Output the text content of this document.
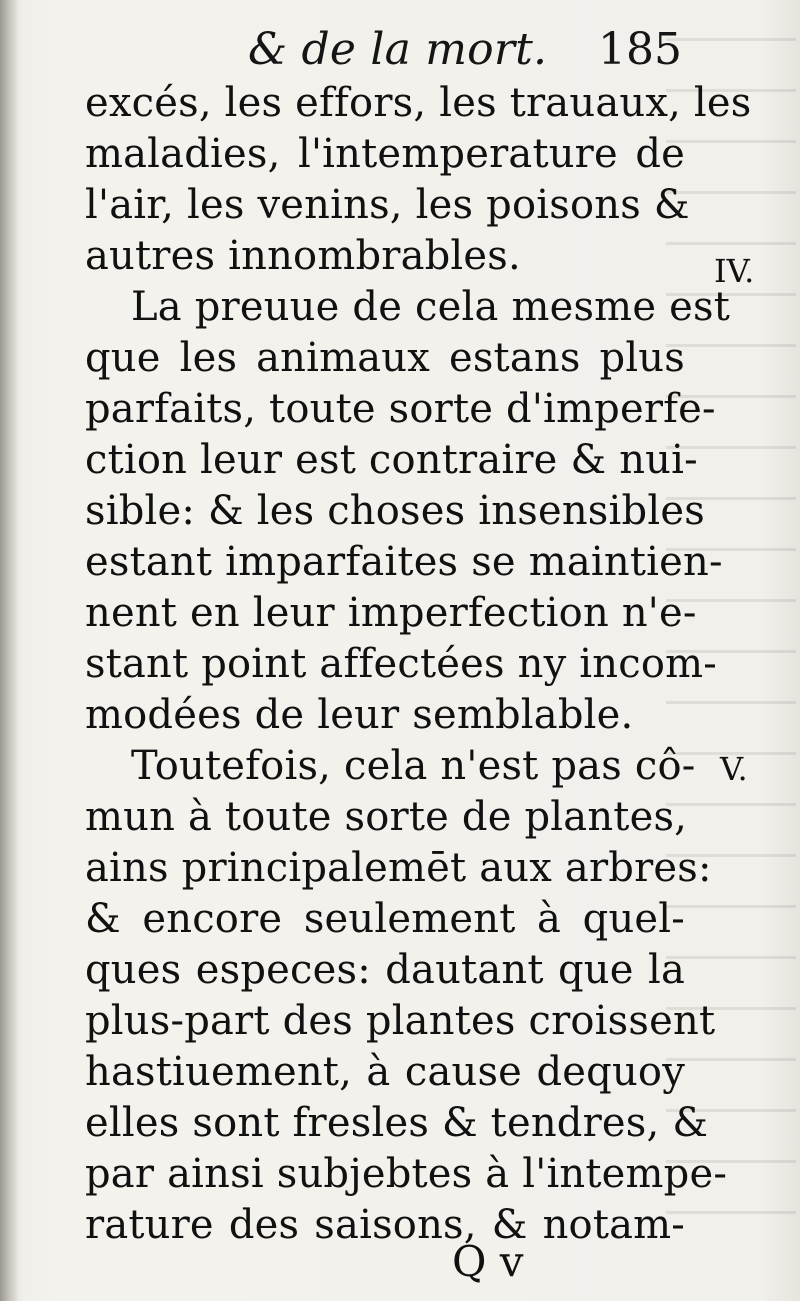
& de la mort. 185
excés, les effors, les trauaux, les
maladies, l'intemperature de
l'air, les venins, les poisons &
autres innombrables.
La preuue de cela mesme est
que les animaux estans plus
parfaits, toute sorte d'imperfe-
ction leur est contraire & nui-
sible: & les choses insensibles
estant imparfaites se maintien-
nent en leur imperfection n'e-
stant point affectées ny incom-
modées de leur semblable.
Toutefois, cela n'est pas cô-
mun à toute sorte de plantes,
ains principalemēt aux arbres:
& encore seulement à quel-
ques especes: dautant que la
plus-part des plantes croissent
hastiuement, à cause dequoy
elles sont fresles & tendres, &
par ainsi subjebtes à l'intempe-
rature des saisons, & notam-
IV.
V.
Q v
